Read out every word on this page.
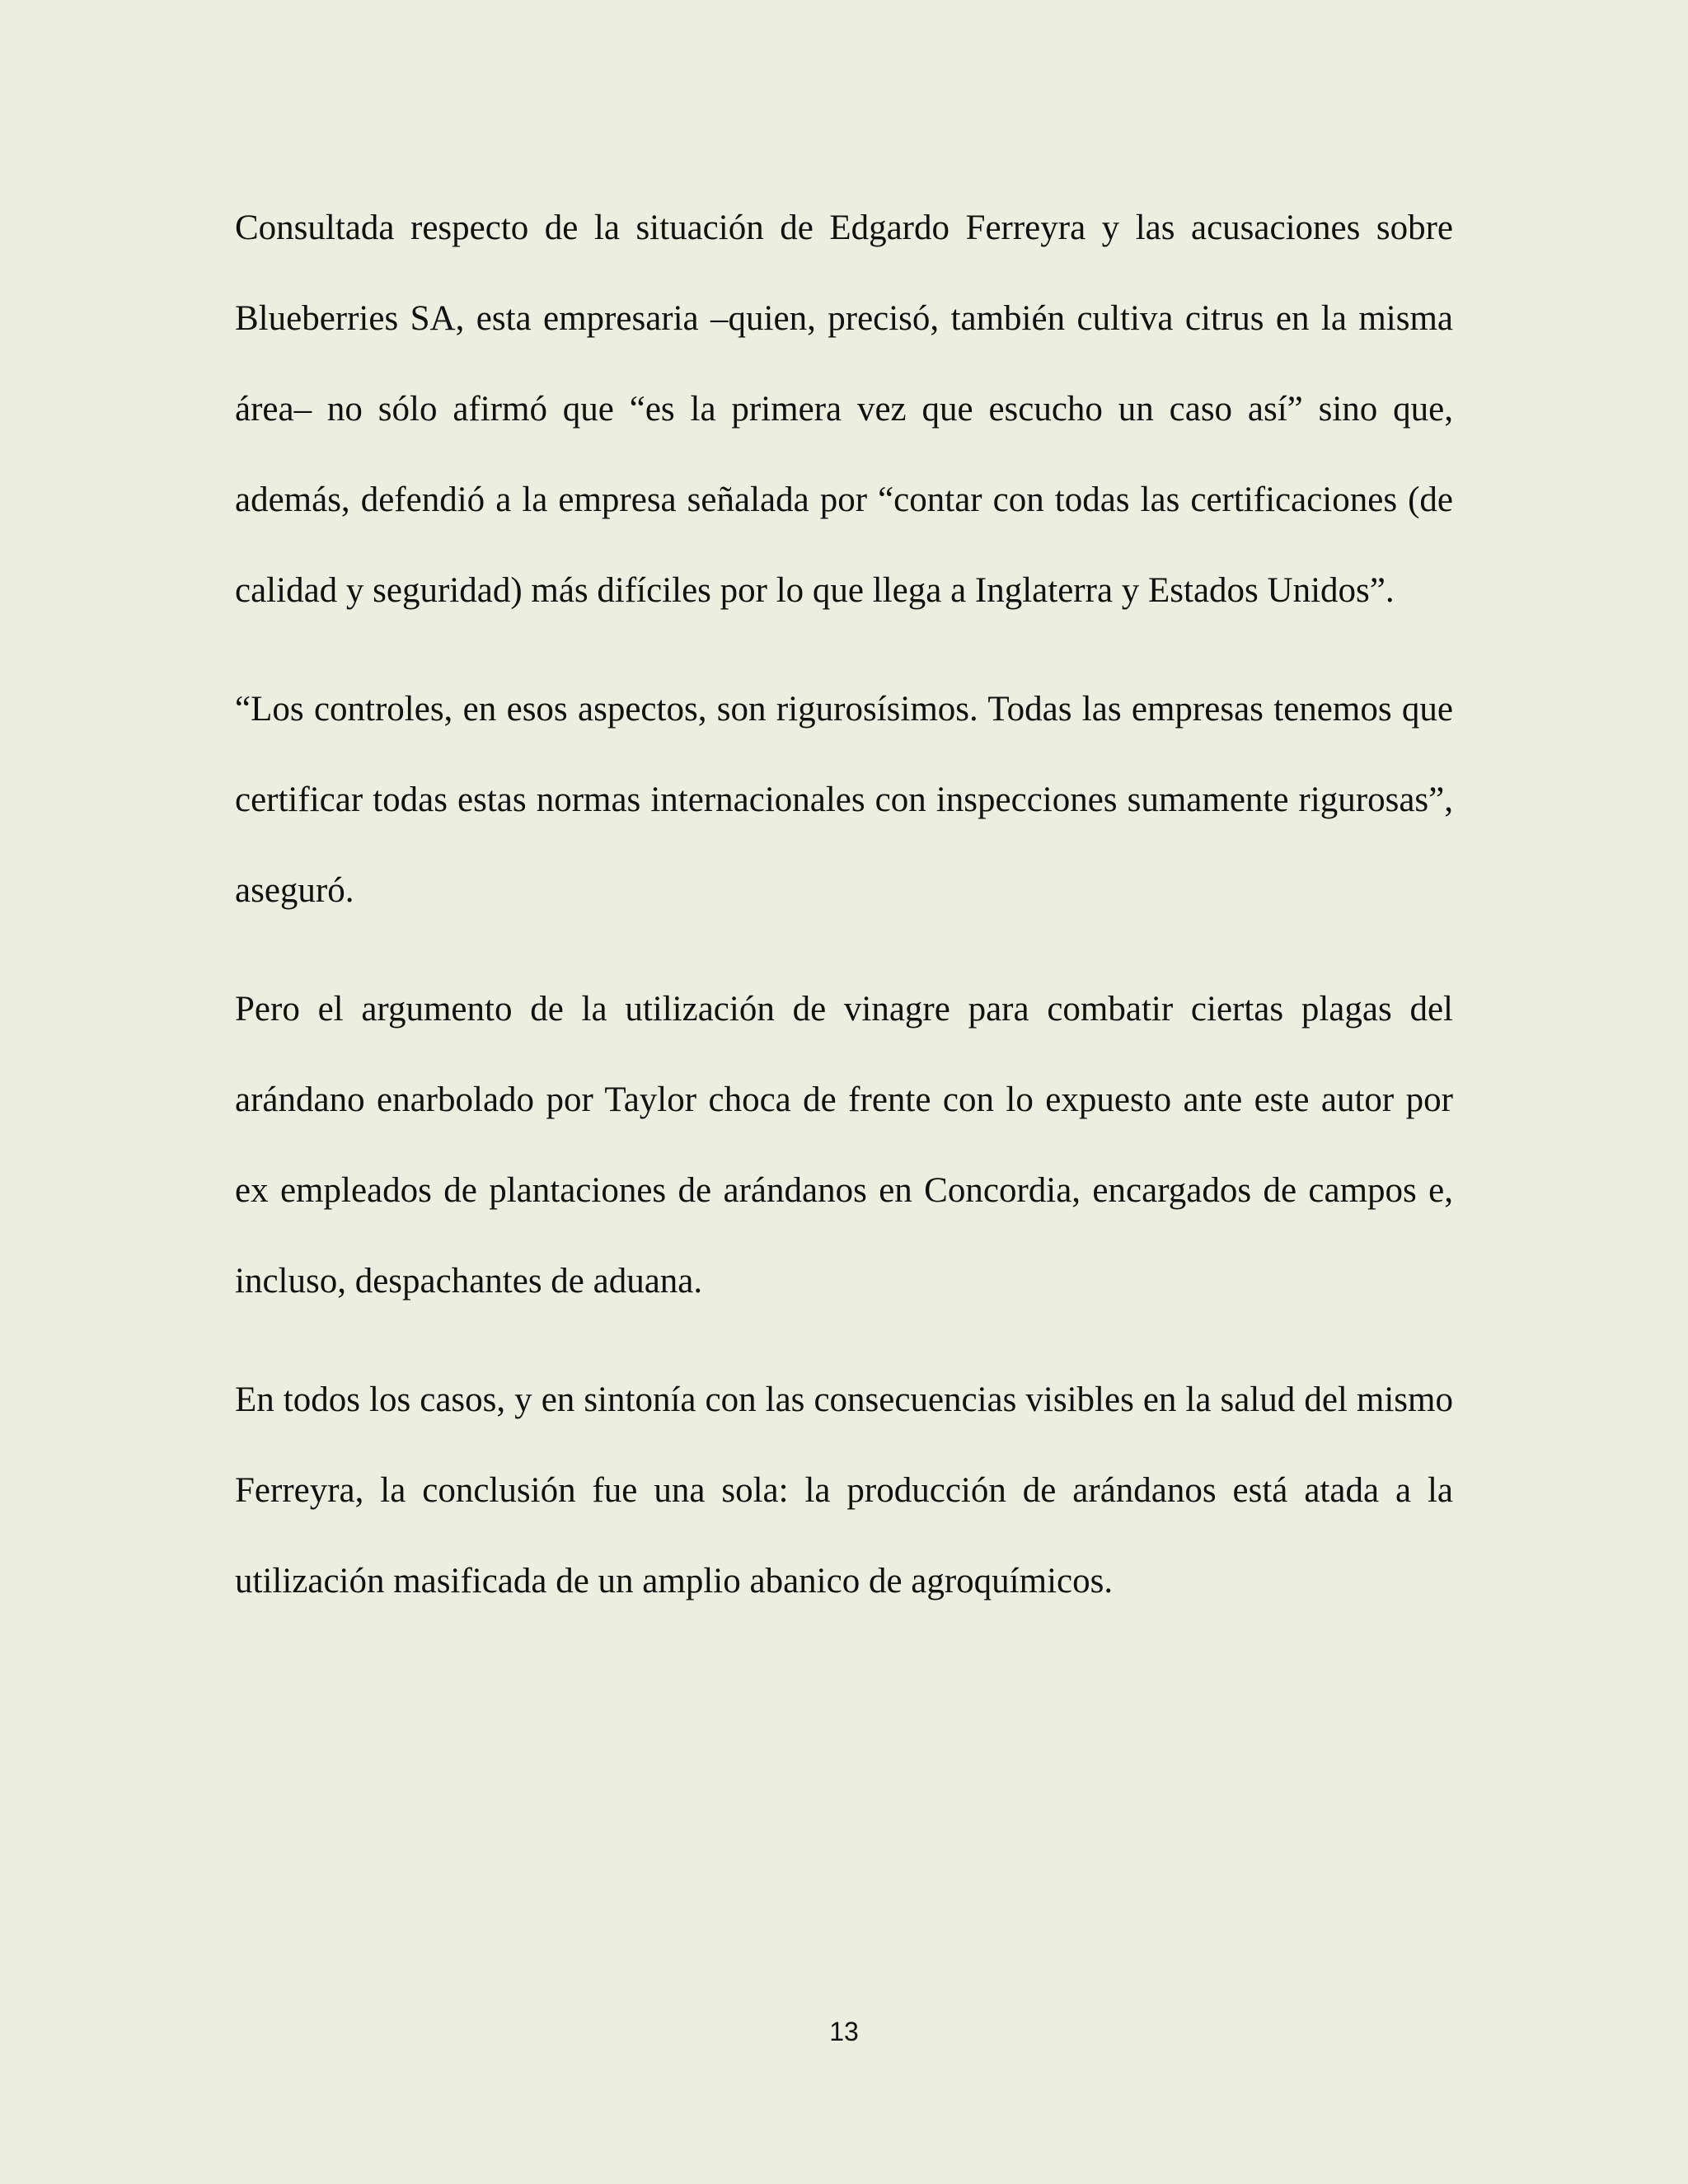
Consultada respecto de la situación de Edgardo Ferreyra y las acusaciones sobre Blueberries SA, esta empresaria –quien, precisó, también cultiva citrus en la misma área– no sólo afirmó que “es la primera vez que escucho un caso así” sino que, además, defendió a la empresa señalada por “contar con todas las certificaciones (de calidad y seguridad) más difíciles por lo que llega a Inglaterra y Estados Unidos”.

“Los controles, en esos aspectos, son rigurosísimos. Todas las empresas tenemos que certificar todas estas normas internacionales con inspecciones sumamente rigurosas”, aseguró.

Pero el argumento de la utilización de vinagre para combatir ciertas plagas del arándano enarbolado por Taylor choca de frente con lo expuesto ante este autor por ex empleados de plantaciones de arándanos en Concordia, encargados de campos e, incluso, despachantes de aduana.

En todos los casos, y en sintonía con las consecuencias visibles en la salud del mismo Ferreyra, la conclusión fue una sola: la producción de arándanos está atada a la utilización masificada de un amplio abanico de agroquímicos.

13
